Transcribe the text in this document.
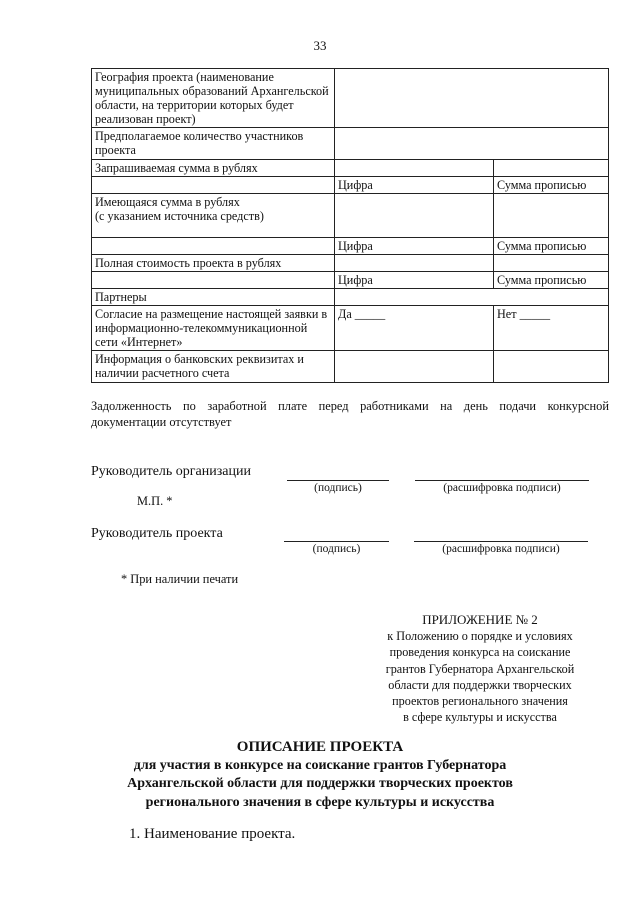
33
География проекта (наименование муниципальных образований Архангельской области, на территории которых будет реализован проект)		
Предполагаемое количество участников проекта		
Запрашиваемая сумма в рублях		
	Цифра	Сумма прописью
Имеющаяся сумма в рублях
(с указанием источника средств)		
	Цифра	Сумма прописью
Полная стоимость проекта в рублях		
	Цифра	Сумма прописью
Партнеры		
Согласие на размещение настоящей заявки в информационно-телекоммуникационной сети «Интернет»	Да _____	Нет _____
Информация о банковских реквизитах и наличии расчетного счета		
Задолженность по заработной плате перед работниками на день подачи конкурсной документации отсутствует
Руководитель организации
(подпись)	(расшифровка подписи)
М.П. *
Руководитель проекта
(подпись)	(расшифровка подписи)
* При наличии печати
ПРИЛОЖЕНИЕ № 2
к Положению о порядке и условиях
проведения конкурса на соискание
грантов Губернатора Архангельской
области для поддержки творческих
проектов регионального значения
в сфере культуры и искусства
ОПИСАНИЕ ПРОЕКТА
для участия в конкурсе на соискание грантов Губернатора
Архангельской области для поддержки творческих проектов
регионального значения в сфере культуры и искусства
1. Наименование проекта.
